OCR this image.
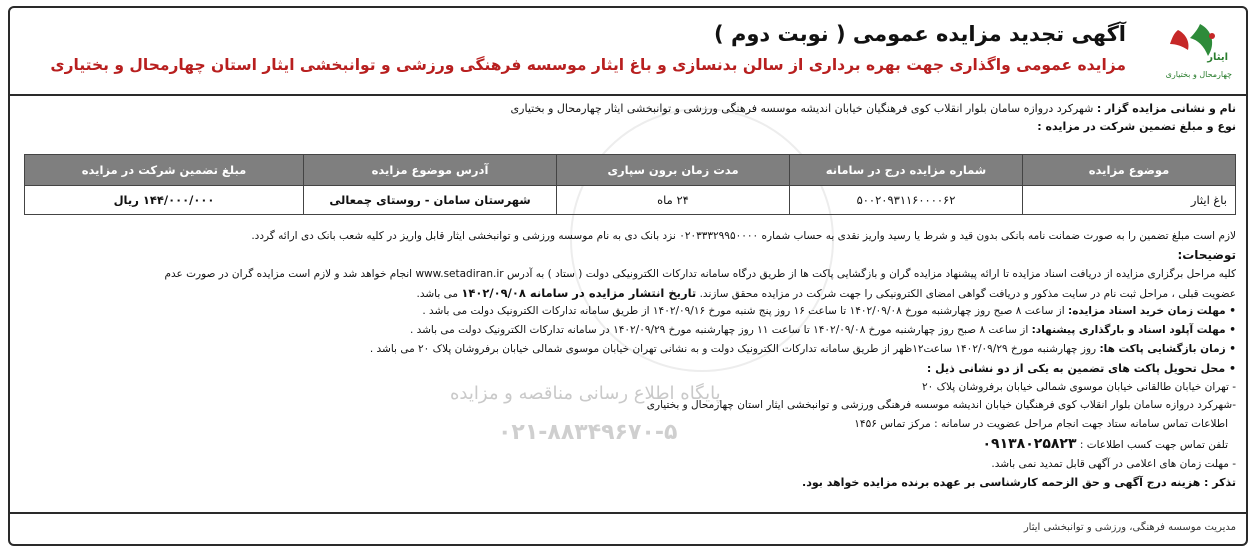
ایثار
چهارمحال و بختیاری
آگهی تجدید مزایده عمومی ( نوبت دوم )
مزایده عمومی واگذاری جهت بهره برداری از سالن بدنسازی و باغ ایثار موسسه فرهنگی ورزشی و توانبخشی ایثار استان چهارمحال و بختیاری
نام و نشانی مزایده گزار : شهرکرد دروازه سامان بلوار انقلاب کوی فرهنگیان خیابان اندیشه موسسه فرهنگی ورزشی و توانبخشی ایثار چهارمحال و بختیاری
نوع و مبلغ تضمین شرکت در مزایده :
موضوع مزایده	شماره مزایده درج در سامانه	مدت زمان برون سپاری	آدرس موضوع مزایده	مبلغ تضمین شرکت در مزایده
باغ ایثار	۵۰۰۲۰۹۳۱۱۶۰۰۰۰۶۲	۲۴ ماه	شهرستان سامان - روستای چمعالی	۱۴۴/۰۰۰/۰۰۰ ریال
لازم است مبلغ تضمین را به صورت ضمانت نامه بانکی بدون قید و شرط یا رسید واریز نقدی به حساب شماره ۰۲۰۳۳۳۲۹۹۵۰۰۰۰ نزد بانک دی به نام موسسه ورزشی و توانبخشی ایثار قابل واریز در کلیه شعب بانک دی ارائه گردد.
توضیحات:
کلیه مراحل برگزاری مزایده از دریافت اسناد مزایده تا ارائه پیشنهاد مزایده گران و بازگشایی پاکت ها از طریق درگاه سامانه تدارکات الکترونیکی دولت ( ستاد ) به آدرس www.setadiran.ir انجام خواهد شد و لازم است مزایده گران در صورت عدم
عضویت قبلی ، مراحل ثبت نام در سایت مذکور و دریافت گواهی امضای الکترونیکی را جهت شرکت در مزایده محقق سازند. تاریخ انتشار مزایده در سامانه ۱۴۰۲/۰۹/۰۸ می باشد.
• مهلت زمان خرید اسناد مزایده: از ساعت ۸ صبح روز چهارشنبه مورخ ۱۴۰۲/۰۹/۰۸ تا ساعت ۱۶ روز پنج شنبه مورخ ۱۴۰۲/۰۹/۱۶ از طریق سامانه تدارکات الکترونیک دولت می باشد .
• مهلت آپلود اسناد و بارگذاری پیشنهاد: از ساعت ۸ صبح روز چهارشنبه مورخ ۱۴۰۲/۰۹/۰۸ تا ساعت ۱۱ روز چهارشنبه مورخ ۱۴۰۲/۰۹/۲۹ در سامانه تدارکات الکترونیک دولت می باشد .
• زمان بازگشایی پاکت ها: روز چهارشنبه مورخ ۱۴۰۲/۰۹/۲۹ ساعت۱۲ظهر از طریق سامانه تدارکات الکترونیک دولت و به نشانی تهران خیابان موسوی شمالی خیابان برفروشان پلاک ۲۰ می باشد .
• محل تحویل پاکت های تضمین به یکی از دو نشانی ذیل :
- تهران خیابان طالقانی خیابان موسوی شمالی خیابان برفروشان پلاک ۲۰
-شهرکرد دروازه سامان بلوار انقلاب کوی فرهنگیان خیابان اندیشه موسسه فرهنگی ورزشی و توانبخشی ایثار استان چهارمحال و بختیاری
اطلاعات تماس سامانه ستاد جهت انجام مراحل عضویت در سامانه : مرکز تماس ۱۴۵۶
تلفن تماس جهت کسب اطلاعات : ۰۹۱۳۸۰۲۵۸۲۳
- مهلت زمان های اعلامی در آگهی قابل تمدید نمی باشد.
تذکر : هزینه درج آگهی و حق الزحمه کارشناسی بر عهده برنده مزایده خواهد بود.
پایگاه اطلاع رسانی مناقصه و مزایده
۰۲۱-۸۸۳۴۹۶۷۰-۵
مدیریت موسسه فرهنگی، ورزشی و توانبخشی ایثار
